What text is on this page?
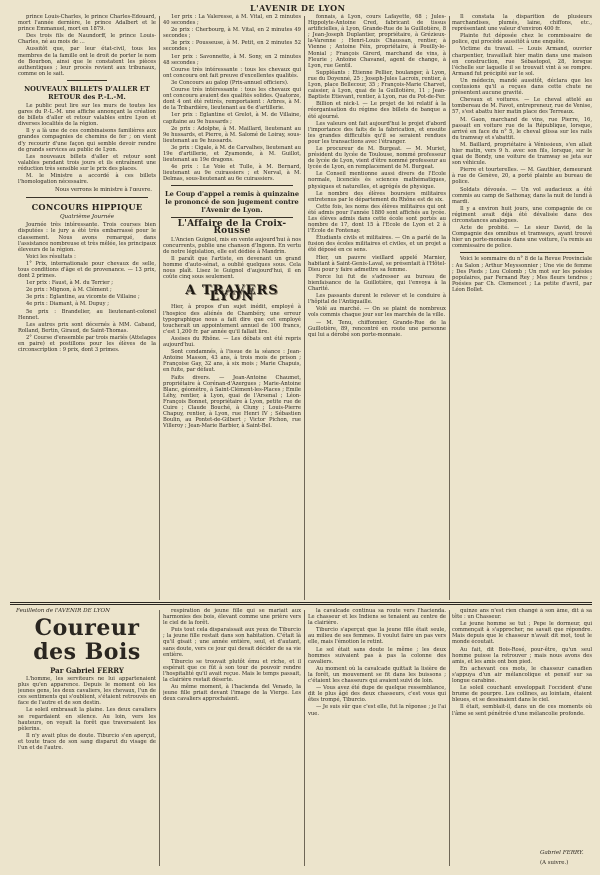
L'AVENIR DE LYON

prince Louis-Charles, le prince Charles-Edouard, mort l'année dernière, le prince Adalbert et le prince Emmanuel, mort en 1879.

Des trois fils de Naundorff, le prince Louis-Charles, né au mois de ...

Aussitôt que, par leur état-civil, tous les membres de la famille ont le droit de porter le nom de Bourbon, ainsi que le constatent les pièces authentiques ; leur procès revient aux tribunaux, comme on le sait.

NOUVEAUX BILLETS D'ALLER ET RETOUR des P.-L.-M.

Le public peut lire sur les murs de toutes les gares du P.-L.-M. une affiche annonçant la création de billets d'aller et retour valables entre Lyon et diverses localités de la région.

Il y a là une de ces combinaisons familières aux grandes compagnies de chemins de fer ; on vient d'y recourir d'une façon qui semble devoir rendre de grands services au public de Lyon.

Les nouveaux billets d'aller et retour sont valables pendant trois jours et ils entraînent une réduction très sensible sur le prix des places.

M. le Ministre a accordé à ces billets l'homologation nécessaire.

Nous verrons le ministre à l'œuvre.
CONCOURS HIPPIQUE
Quatrième Journée

Journée très intéressante. Trois courses bien disputées : le jury a été très embarrassé pour le classement. Nous avons remarqué, dans l'assistance nombreuse et très mêlée, les principaux éleveurs de la région.

Voici les résultats :

1° Prix, internationale pour chevaux de selle, tous conditions d'âge et de provenance. — 13 prix, dont 2 primes.

1er prix : Faust, à M. du Terrier ;

2e prix : Mignon, à M. Clément ;

3e prix : Eglantine, au vicomte de Villaine ;

4e prix : Diamant, à M. Dupuy ;

5e prix : Brandelier, au lieutenant-colonel Hennet.

Les autres prix sont décernés à MM. Cabaud, Rolland, Bertin, Giraud, de Saint-Thomas.

2° Course d'ensemble par trois mariés (Attelages en paire) et postillons pour les élèves de la circonscription : 9 prix, dont 3 primes.

1er prix : La Valeresse, à M. Vital, en 2 minutes 40 secondes ;

2e prix : Cherbourg, à M. Vital, en 2 minutes 49 secondes ;

3e prix : Pousseuse, à M. Petit, en 2 minutes 52 secondes ;

1er prix : Savonnette, à M. Sony, en 2 minutes 48 secondes ;

Course très intéressante : tous les chevaux qui ont concouru ont fait preuve d'excellentes qualités.

3e Concours au galop (Prix-annuel officiers).

Course très intéressante : tous les chevaux qui ont concouru avaient des qualités solides. Quatorze, dont 4 ont été retirés, remportaient : Arbres, à M. de la Tribardière, lieutenant au 6e d'artillerie.

1er prix : Eglantine et Grelot, à M. de Villaine, capitaine au 9e hussards ;

2e prix : Adolphe, à M. Maillard, lieutenant au 9e hussards, et Pierre, à M. Salomé de Loiray, sous-lieutenant au 9e hussards.

3e prix : Cigale, à M. de Carvalhes, lieutenant au 19e d'artillerie, et Zyamonde, à M. Guillot, lieutenant au 19e dragons.

4e prix : Le Voie et Tulle, à M. Bernard, lieutenant au 9e cuirassiers ; et Nerval, à M. Delmas, sous-lieutenant au 6e cuirassiers.

Le Coup d'appel a remis à quinzaine le prononcé de son jugement contre l'Avenir de Lyon.
L'Affaire de la Croix-Rousse

L'Ancien Guignol, mis en vente aujourd'hui à nos concurrents, publie une chanson d'Ingonn. En vertu de notre législation, elle est dédiée à Mandrin.

Il paraît que l'artiste, en devenant un grand homme d'auto-sénat, a oublié quelques sous. Cela nous plaît. Lisez le Guignol d'aujourd'hui, il en coûte cinq sous seulement.

A TRAVERS LYON

Hier, à propos d'un sujet inédit, employé à l'hospice des aliénés de Chambéry, une erreur typographique nous a fait dire que cet employé toucherait un appointement annuel de 100 francs, c'est 1,200 fr. par année qu'il fallait lire.

Assises du Rhône. — Les débats ont été repris aujourd'hui.

Sont condamnés, à l'issue de la séance : Jean-Antoine Masson, 43 ans, à trois mois de prison ; Françoise Gay, 32 ans, à six mois ; Marie Chapuis, en fuite, par défaut.

Faits divers. — Jean-Antoine Chaumet, propriétaire à Corénan-d'Azergues ; Marie-Antoine Blanc, géomètre, à Saint-Clément-les-Places ; Emile Léhy, rentier, à Lyon, quai de l'Arsenal ; Léon-François Bonnet, propriétaire à Lyon, petite rue de Cuire ; Claude Bouché, à Cluny ; Louis-Pierre Chapuy, rentier, à Lyon, rue Henri IV ; Sébastien Boulin, au Pontet-de-Gilbert ; Victor Pichon, rue Villeroy ; Jean-Marie Barbier, à Saint-Bel.

fonnais, à Lyon, cours Lafayette, 68 ; Jules-Hippolyte-Antoine Cred, fabricant de tissus artificielles, à Lyon, Grande-Rue de la Guillotière, 8 ; Jean-Joseph Duplantier, propriétaire, à Grézieux-la-Varenne ; Henri-Louis Chaussan, rentier, à Vienne ; Antoine Féix, propriétaire, à Pouilly-le-Monial ; François Girerd, marchand de vins, à Fleurie ; Antoine Chavanel, agent de change, à Lyon, rue Gentil.

Suppléants : Etienne Pellier, boulanger, à Lyon, rue du Doyenné, 25 ; Joseph-Jules Lacroix, rentier, à Lyon, place Bellecour, 35 ; François-Marie Charvet, caissier, à Lyon, quai de la Guillotière, 11 ; Jean-Baptiste Etievant, rentier, à Lyon, rue du Pot-de-Fer.

Billion et nick-l. — Le projet de loi relatif à la réorganisation du régime des billets de banque a été ajourné.

Les valeurs ont fait aujourd'hui le projet d'abord l'importance des faits de la fabrication, et ensuite les grandes difficultés qu'il se seraient rendues pour les transactions avec l'étranger.

Le procureur de M. Burgeat. — M. Muriet, président du lycée de Toulouse, nommé professeur de lycée de Lyon, vient d'être nommé professeur au lycée de Lyon, en remplacement de M. Burgeat.

Le Conseil mentionne aussi divers de l'Ecole normale, licenciés ès sciences mathématiques, physiques et naturelles, et agrégés de physique.

Le nombre des élèves boursiers militaires entretenus par le département du Rhône est de six.

Cette fois, les noms des élèves militaires qui ont été admis pour l'année 1880 sont affichés au lycée. Les élèves admis dans cette école sont portés au nombre de 17, dont 15 à l'Ecole de Lyon et 2 à l'École de Fontenay.

Étudiants civils et militaires. — On a parlé de la fusion des écoles militaires et civiles, et un projet a été déposé en ce sens.

Hier, un pauvre vieillard appelé Marnier, habitant à Saint-Genis-Laval, se présentait à l'Hôtel-Dieu pour y faire admettre sa femme.

Force lui fut de s'adresser au bureau de bienfaisance de la Guillotière, qui l'envoya à la Charité.

Les passants durent le relever et le conduire à l'hôpital de l'Antiquaille.

Volé au marché. — On se plaint de nombreux vols commis chaque jour sur les marchés de la ville.

— M. Tenu, chiffonnier, Grande-Rue de la Guillotière, 89, rencontré en route une personne qui lui a dérobé son porte-monnaie.

Il constata la disparition de plusieurs marchandises, plumés, laine, chiffons, etc., représentant une valeur d'environ 400 fr.

Plainte fut déposée chez le commissaire de police, qui procède aussitôt à une enquête.

Victime du travail. — Louis Armand, ouvrier charpentier, travaillait hier matin dans une maison en construction, rue Sébastopol, 28, lorsque l'échelle sur laquelle il se trouvait vint à se rompre. Armand fut précipité sur le sol.

Un médecin, mandé aussitôt, déclara que les contusions qu'il a reçues dans cette chute ne présentent aucune gravité.

Chevaux et voitures. — Le cheval attelé au tombereau de M. Favot, entrepreneur, rue de Venise, 57, s'est abattu hier matin place des Terreaux.

M. Gaon, marchand de vins, rue Pierre, 16, passait en voiture rue de la République, lorsque, arrivé en face du n° 5, le cheval glissa sur les rails du tramway et s'abattit.

M. Baillard, propriétaire à Vénissieux, s'en allait hier matin, vers 9 h. avec son fils, lorsque, sur le quai de Bondy, une voiture de tramway se jeta sur son véhicule.

Pierre et tourterelles. — M. Gauthier, demeurant à rue de Genève, 20, a porté plainte au bureau de police.

Soldats dévoués. — Un vol audacieux a été commis au camp de Sathonay, dans la nuit de lundi à mardi.

Il y a environ huit jours, une compagnie de ce régiment avait déjà été dévalisée dans des circonstances analogues.

Acte de probité. — Le sieur David, de la Compagnie des omnibus et tramways, ayant trouvé hier un porte-monnaie dans une voiture, l'a remis au commissaire de police.

Voici le sommaire du n° 8 de la Revue Provinciale : Au Salon ; Arthur Meyssonnier ; Une vie de femme ; Des Pieds ; Lou Colomb ; Un mot sur les poésies populaires, par Fernand Rey ; Mes fleurs tendres ; Poésies par Ch. Clemencet ; La petite d'avril, par Léon Bollet.

Feuilleton de l'AVENIR DE LYON
Coureur des Bois
Par Gabriel FERRY

L'homme, les serviteurs ne lui appartenaient plus qu'en apparence. Depuis le moment où les jeunes gens, les deux cavaliers, les chevaux, l'un de ces sentiments qui s'oublient, s'étaient retrouvés en face de l'autre et de son destin.

Le soleil embrasait la plaine. Les deux cavaliers se regardaient en silence. Au loin, vers les hauteurs, on voyait la forêt que traversaient les pèlerins.

Il n'y avait plus de doute. Tiburcio s'en aperçut, et toute trace de son sang disparut du visage de l'un et de l'autre.

respiration de jeune fille qui se mariait aux harmonies des bois, élevant comme une prière vers le ciel de la forêt.

Puis tout cela disparaissait aux yeux de Tiburcio ; la jeune fille restait dans son habitation. C'était là qu'il gisait ; une année entière, seul, et d'autant, sans doute, vers ce jour qui devait décider de sa vie entière.

Tiburcio se trouvait plutôt ému et riche, et il espérait que ce fût à son tour de pouvoir rendre l'hospitalité qu'il avait reçue. Mais le temps passait, la clairière restait déserte.

Au même moment, à l'hacienda del Venado, la jeune fille priait devant l'image de la Vierge. Les deux cavaliers approchaient.

la cavalcade continua sa route vers l'hacienda. Le chasseur et les Indiens se tenaient au centre de la clairière.

Tiburcio s'aperçut que la jeune fille était seule, au milieu de ses femmes. Il voulut faire un pas vers elle, mais l'émotion le retint.

Le sol était sans doute le même ; les deux hommes suivaient pas à pas la colonne des cavaliers.

Au moment où la cavalcade quittait la lisière de la forêt, un mouvement se fit dans les buissons ; c'étaient les chasseurs qui avaient suivi de loin.

— Vous avez été dupe de quelque ressemblance, dit le plus âgé des deux chasseurs, c'est vous qui êtes trompé, Tiburcio.

— Je suis sûr que c'est elle, fut la réponse ; je l'ai vue.

quinze ans n'est rien changé à son âme, dit à sa tête : un Chasseur.

Le jeune homme se tut ; Pepe le dormeur, qui commençait à s'approcher, ne savait que répondre. Mais depuis que le chasseur n'avait dit mot, tout le monde écoutait.

Au fait, dit Bois-Rosé, pour-être, qu'un seul homme puisse la retrouver ; mais nous avons des amis, et les amis ont bon pied.

En achevant ces mots, le chasseur canadien s'appuya d'un air mélancolique et pensif sur sa longue carabine.

Le soleil couchant enveloppait l'occident d'une brume de pourpre. Les collines, au lointain, étaient bleues, et se dessinaient dans le ciel.

Il était, semblait-il, dans un de ces moments où l'âme se sent pénétrée d'une mélancolie profonde.

Gabriel FERRY.
(A suivre.)
